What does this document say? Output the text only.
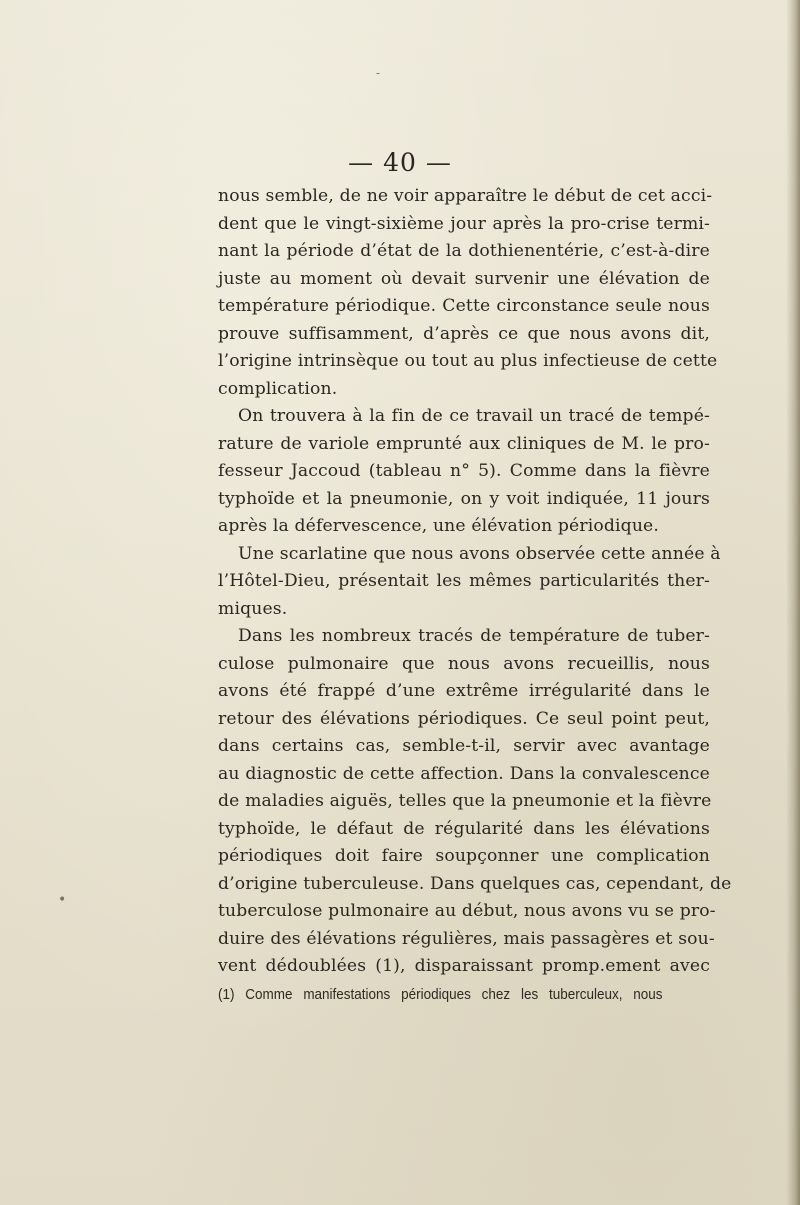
-
•
— 40 —
nous semble, de ne voir apparaître le début de cet acci-
dent que le vingt-sixième jour après la pro-crise termi-
nant la période d’état de la dothienentérie, c’est-à-dire
juste au moment où devait survenir une élévation de
température périodique. Cette circonstance seule nous
prouve suffisamment, d’après ce que nous avons dit,
l’origine intrinsèque ou tout au plus infectieuse de cette
complication.
On trouvera à la fin de ce travail un tracé de tempé-
rature de variole emprunté aux cliniques de M. le pro-
fesseur Jaccoud (tableau n° 5). Comme dans la fièvre
typhoïde et la pneumonie, on y voit indiquée, 11 jours
après la défervescence, une élévation périodique.
Une scarlatine que nous avons observée cette année à
l’Hôtel-Dieu, présentait les mêmes particularités ther-
miques.
Dans les nombreux tracés de température de tuber-
culose pulmonaire que nous avons recueillis, nous
avons été frappé d’une extrême irrégularité dans le
retour des élévations périodiques. Ce seul point peut,
dans certains cas, semble-t-il, servir avec avantage
au diagnostic de cette affection. Dans la convalescence
de maladies aiguës, telles que la pneumonie et la fièvre
typhoïde, le défaut de régularité dans les élévations
périodiques doit faire soupçonner une complication
d’origine tuberculeuse. Dans quelques cas, cependant, de
tuberculose pulmonaire au début, nous avons vu se pro-
duire des élévations régulières, mais passagères et sou-
vent dédoublées (1), disparaissant promp.ement avec
(1) Comme manifestations périodiques chez les tuberculeux, nous
